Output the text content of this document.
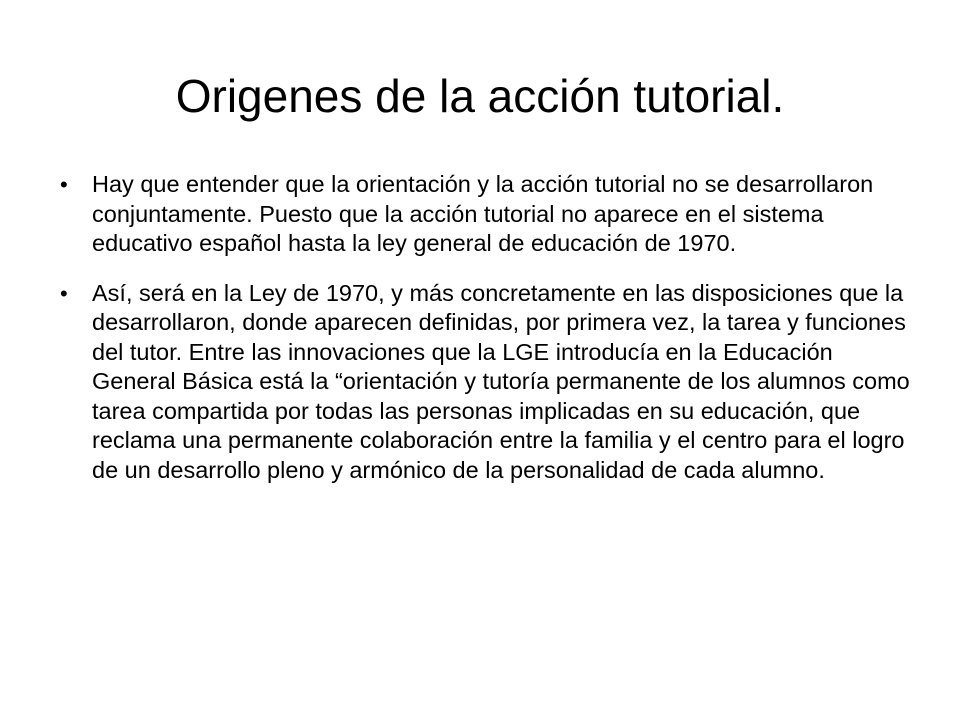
Origenes de la acción tutorial.
• Hay que entender que la orientación y la acción tutorial no se desarrollaron conjuntamente. Puesto que la acción tutorial no aparece en el sistema educativo español hasta la ley general de educación de 1970.
• Así, será en la Ley de 1970, y más concretamente en las disposiciones que la desarrollaron, donde aparecen definidas, por primera vez, la tarea y funciones del tutor. Entre las innovaciones que la LGE introducía en la Educación General Básica está la “orientación y tutoría permanente de los alumnos como tarea compartida por todas las personas implicadas en su educación, que reclama una permanente colaboración entre la familia y el centro para el logro de un desarrollo pleno y armónico de la personalidad de cada alumno.
